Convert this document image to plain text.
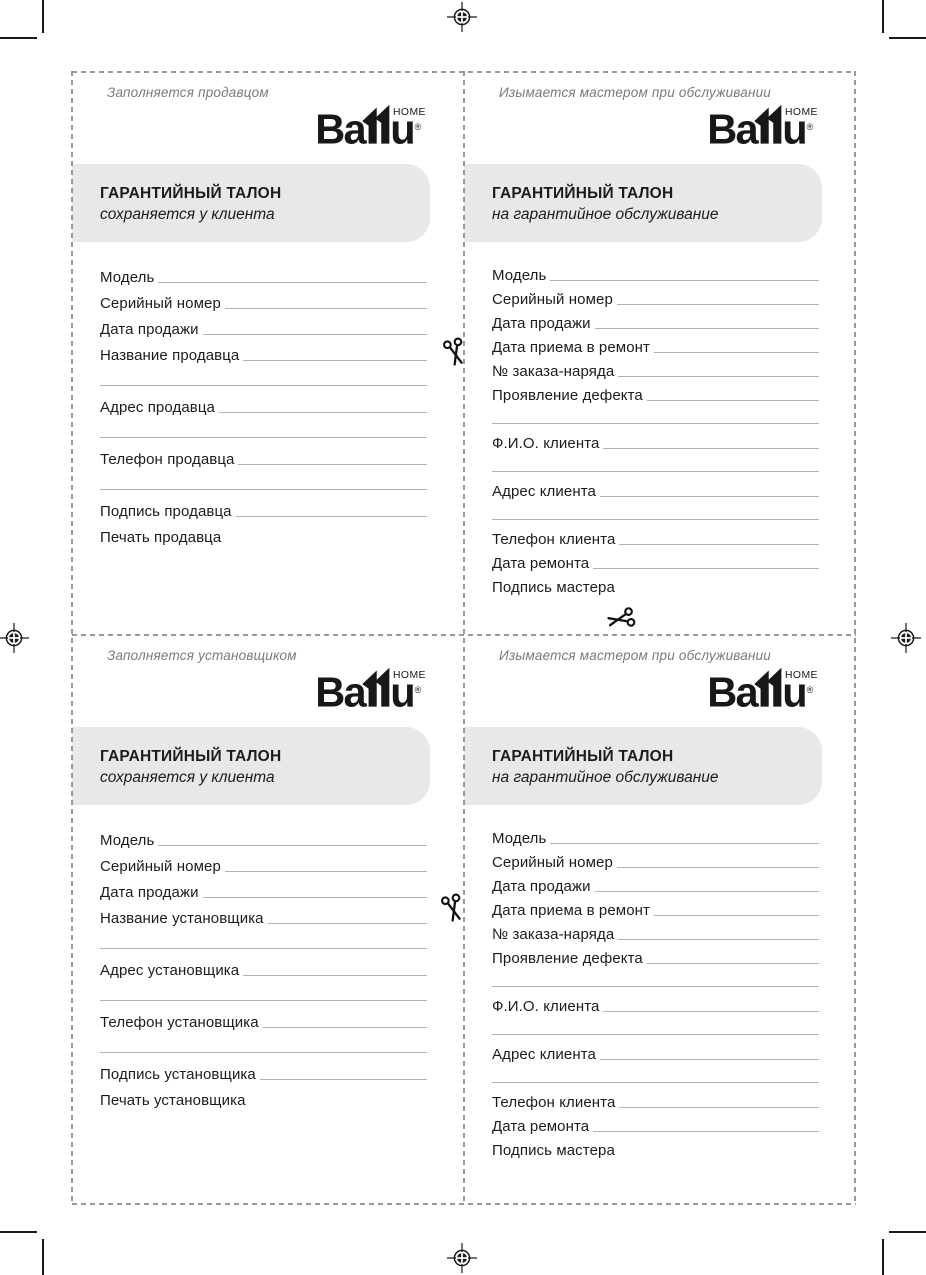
Заполняется продавцом
ГАРАНТИЙНЫЙ ТАЛОН
сохраняется у клиента
Модель
Серийный номер
Дата продажи
Название продавца
Адрес продавца
Телефон продавца
Подпись продавца
Печать продавца
Изымается мастером при обслуживании
ГАРАНТИЙНЫЙ ТАЛОН
на гарантийное обслуживание
Модель
Серийный номер
Дата продажи
Дата приема в ремонт
№ заказа-наряда
Проявление дефекта
Ф.И.О. клиента
Адрес клиента
Телефон клиента
Дата ремонта
Подпись мастера
Заполняется установщиком
ГАРАНТИЙНЫЙ ТАЛОН
сохраняется у клиента
Модель
Серийный номер
Дата продажи
Название установщика
Адрес установщика
Телефон установщика
Подпись установщика
Печать установщика
Изымается мастером при обслуживании
ГАРАНТИЙНЫЙ ТАЛОН
на гарантийное обслуживание
Модель
Серийный номер
Дата продажи
Дата приема в ремонт
№ заказа-наряда
Проявление дефекта
Ф.И.О. клиента
Адрес клиента
Телефон клиента
Дата ремонта
Подпись мастера
